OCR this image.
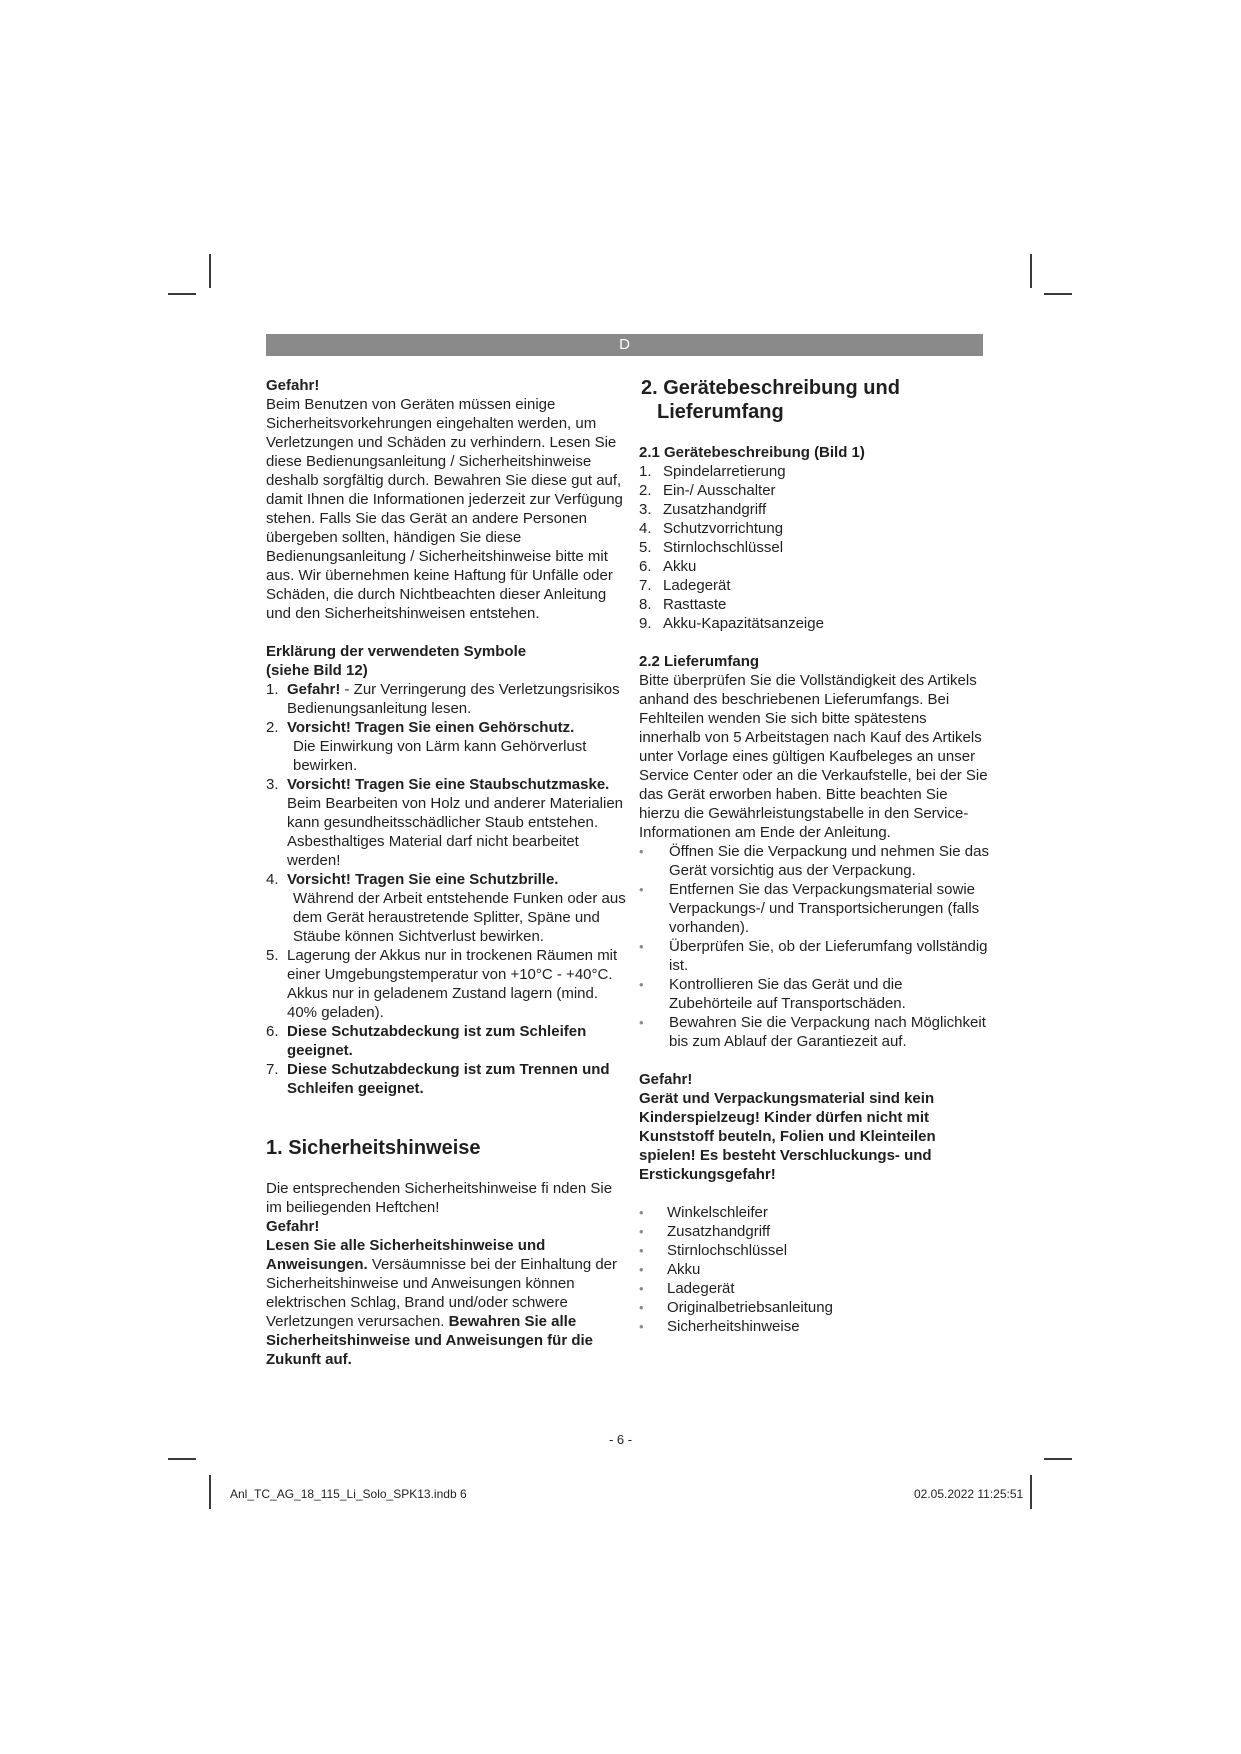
D

Gefahr!

Beim Benutzen von Geräten müssen einige Sicherheitsvorkehrungen eingehalten werden, um Verletzungen und Schäden zu verhindern. Lesen Sie diese Bedienungsanleitung / Sicherheitshinweise deshalb sorgfältig durch. Bewahren Sie diese gut auf, damit Ihnen die Informationen jederzeit zur Verfügung stehen. Falls Sie das Gerät an andere Personen übergeben sollten, händigen Sie diese Bedienungsanleitung / Sicherheitshinweise bitte mit aus. Wir übernehmen keine Haftung für Unfälle oder Schäden, die durch Nichtbeachten dieser Anleitung und den Sicherheitshinweisen entstehen.

Erklärung der verwendeten Symbole

(siehe Bild 12)

1. Gefahr! - Zur Verringerung des Verletzungsrisikos Bedienungsanleitung lesen.
2. Vorsicht! Tragen Sie einen Gehörschutz.
Die Einwirkung von Lärm kann Gehörverlust bewirken.
3. Vorsicht! Tragen Sie eine Staubschutzmaske. Beim Bearbeiten von Holz und anderer Materialien kann gesundheitsschädlicher Staub entstehen. Asbesthaltiges Material darf nicht bearbeitet werden!
4. Vorsicht! Tragen Sie eine Schutzbrille.
Während der Arbeit entstehende Funken oder aus dem Gerät heraustretende Splitter, Späne und Stäube können Sichtverlust bewirken.
5. Lagerung der Akkus nur in trockenen Räumen mit einer Umgebungstemperatur von +10°C - +40°C. Akkus nur in geladenem Zustand lagern (mind. 40% geladen).
6. Diese Schutzabdeckung ist zum Schleifen geeignet.
7. Diese Schutzabdeckung ist zum Trennen und Schleifen geeignet.

1. Sicherheitshinweise

Die entsprechenden Sicherheitshinweise fi nden Sie im beiliegenden Heftchen!

Gefahr!

Lesen Sie alle Sicherheitshinweise und Anweisungen. Versäumnisse bei der Einhaltung der Sicherheitshinweise und Anweisungen können elektrischen Schlag, Brand und/oder schwere Verletzungen verursachen. Bewahren Sie alle Sicherheitshinweise und Anweisungen für die Zukunft auf.

2. Gerätebeschreibung und

Lieferumfang

2.1 Gerätebeschreibung (Bild 1)

1. Spindelarretierung
2. Ein-/ Ausschalter
3. Zusatzhandgriff
4. Schutzvorrichtung
5. Stirnlochschlüssel
6. Akku
7. Ladegerät
8. Rasttaste
9. Akku-Kapazitätsanzeige

2.2 Lieferumfang

Bitte überprüfen Sie die Vollständigkeit des Artikels anhand des beschriebenen Lieferumfangs. Bei Fehlteilen wenden Sie sich bitte spätestens innerhalb von 5 Arbeitstagen nach Kauf des Artikels unter Vorlage eines gültigen Kaufbeleges an unser Service Center oder an die Verkaufstelle, bei der Sie das Gerät erworben haben. Bitte beachten Sie hierzu die Gewährleistungstabelle in den Service-Informationen am Ende der Anleitung.

• Öffnen Sie die Verpackung und nehmen Sie das Gerät vorsichtig aus der Verpackung.
• Entfernen Sie das Verpackungsmaterial sowie Verpackungs-/ und Transportsicherungen (falls vorhanden).
• Überprüfen Sie, ob der Lieferumfang vollständig ist.
• Kontrollieren Sie das Gerät und die Zubehörteile auf Transportschäden.
• Bewahren Sie die Verpackung nach Möglichkeit bis zum Ablauf der Garantiezeit auf.

Gefahr!

Gerät und Verpackungsmaterial sind kein Kinderspielzeug! Kinder dürfen nicht mit Kunststoff beuteln, Folien und Kleinteilen spielen! Es besteht Verschluckungs- und Erstickungsgefahr!

• Winkelschleifer
• Zusatzhandgriff
• Stirnlochschlüssel
• Akku
• Ladegerät
• Originalbetriebsanleitung
• Sicherheitshinweise
- 6 -
Anl_TC_AG_18_115_Li_Solo_SPK13.indb 6	02.05.2022 11:25:51
